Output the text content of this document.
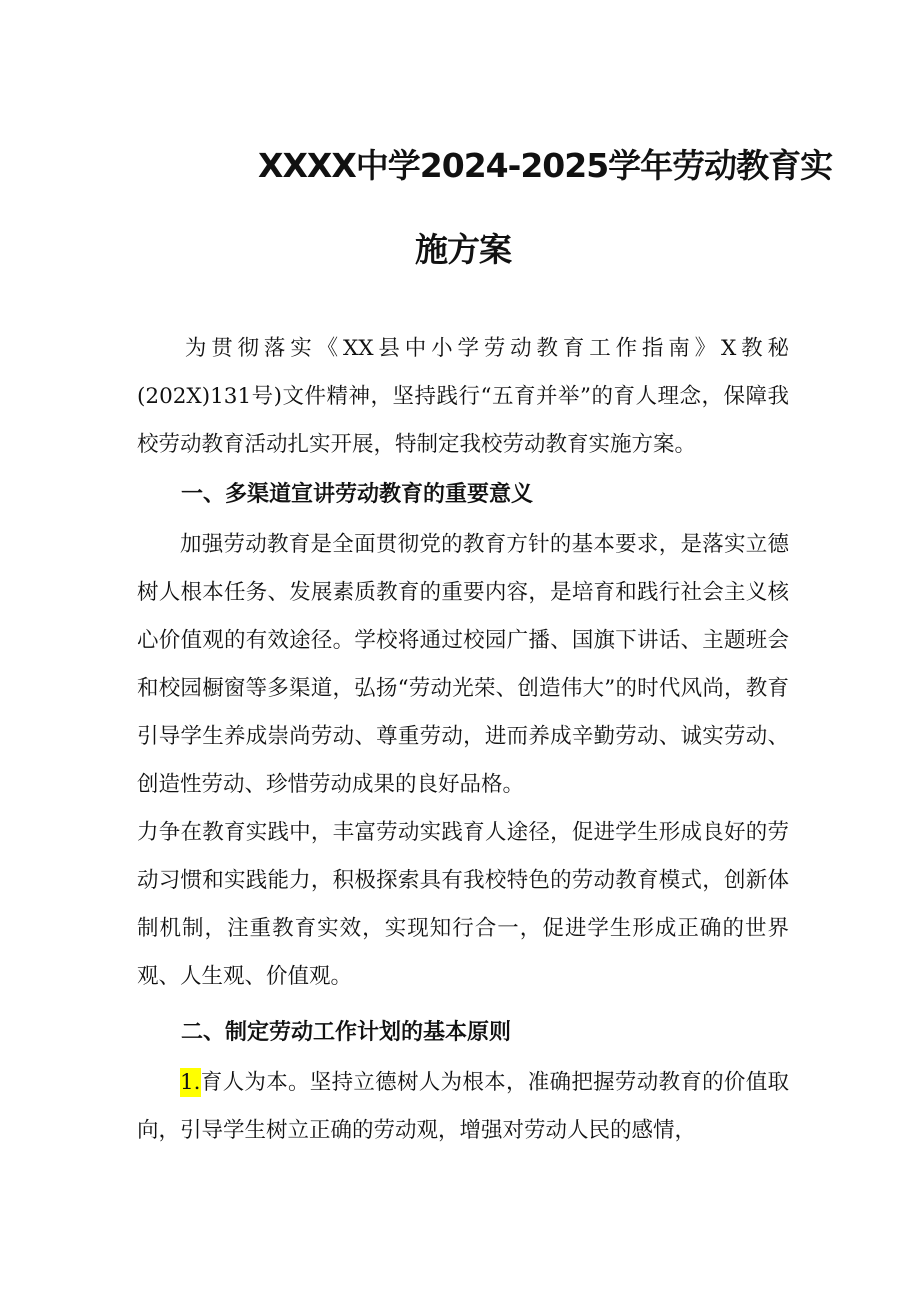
XXXX中学2024-2025学年劳动教育实
施方案

为贯彻落实《XX县中小学劳动教育工作指南》X教秘(202X)131号)文件精神，坚持践行“五育并举”的育人理念，保障我校劳动教育活动扎实开展，特制定我校劳动教育实施方案。

一、多渠道宣讲劳动教育的重要意义

加强劳动教育是全面贯彻党的教育方针的基本要求，是落实立德树人根本任务、发展素质教育的重要内容，是培育和践行社会主义核心价值观的有效途径。学校将通过校园广播、国旗下讲话、主题班会和校园橱窗等多渠道，弘扬“劳动光荣、创造伟大”的时代风尚，教育引导学生养成崇尚劳动、尊重劳动，进而养成辛勤劳动、诚实劳动、创造性劳动、珍惜劳动成果的良好品格。

力争在教育实践中，丰富劳动实践育人途径，促进学生形成良好的劳动习惯和实践能力，积极探索具有我校特色的劳动教育模式，创新体制机制，注重教育实效，实现知行合一，促进学生形成正确的世界观、人生观、价值观。

二、制定劳动工作计划的基本原则

1.育人为本。坚持立德树人为根本，准确把握劳动教育的价值取向，引导学生树立正确的劳动观，增强对劳动人民的感情，
